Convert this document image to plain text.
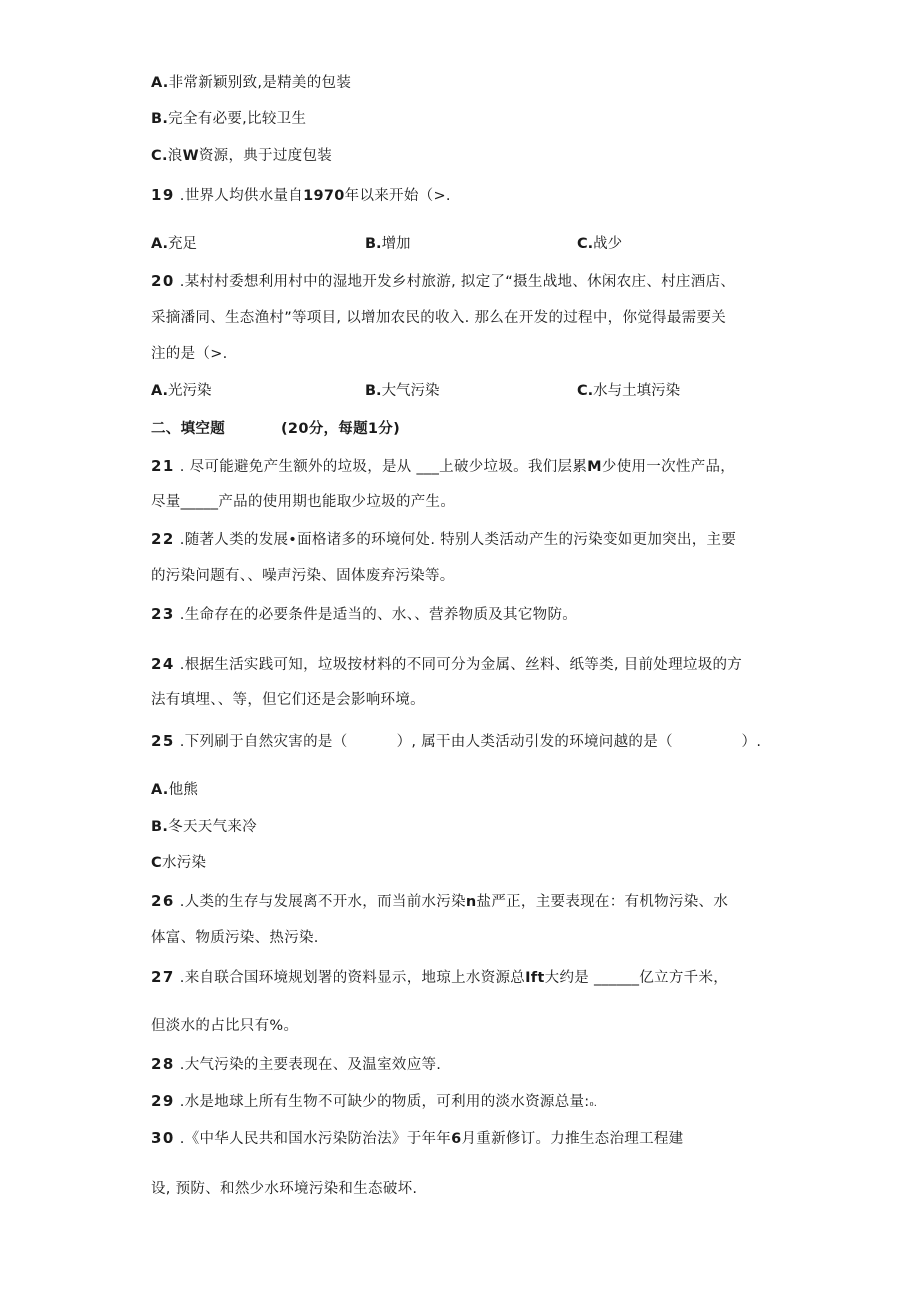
A.非常新颖别致,是精美的包装
B.完全有必要,比较卫生
C.浪W资源，典于过度包装
19 .世界人均供水量自1970年以来开始（>.
A.充足	B.增加	C.战少
20 .某村村委想利用村中的湿地开发乡村旅游, 拟定了“摄生战地、休闲农庄、村庄酒店、
采摘潘同、生态渔村”等项目, 以增加农民的收入. 那么在开发的过程中，你觉得最需要关
注的是（>.
A.光污染	B.大气污染	C.水与土填污染
二、填空题	(20分，每题1分)
21 . 尽可能避免产生额外的垃圾，是从 ___上破少垃圾。我们层累M少使用一次性产品，
尽量_____产品的使用期也能取少垃圾的产生。
22 .随著人类的发展•面格诸多的环境何处. 特别人类活动产生的污染变如更加突出，主要
的污染问题有、、噪声污染、固体废弃污染等。
23 .生命存在的必要条件是适当的、水、、营养物质及其它物防。
24 .根据生活实践可知，垃圾按材料的不同可分为金属、丝料、纸等类, 目前处理垃圾的方
法有填埋、、等，但它们还是会影响环境。
25 .下列刷于自然灾害的是（          ）, 属干由人类活动引发的环境问越的是（              ）.
A.他熊
B.冬天天气来冷
C水污染
26 .人类的生存与发展离不开水，而当前水污染n盐严正，主要表现在：有机物污染、水
体富、物质污染、热污染.
27 .来自联合国环境规划署的资料显示，地琼上水资源总Ift大约是 ______亿立方千米，
但淡水的占比只有%。
28 .大气污染的主要表现在、及温室效应等.
29 .水是地球上所有生物不可缺少的物质，可利用的淡水资源总量:₀.
30 .《中华人民共和国水污染防治法》于年年6月重新修订。力推生态治理工程建
设, 预防、和然少水环境污染和生态破坏.
